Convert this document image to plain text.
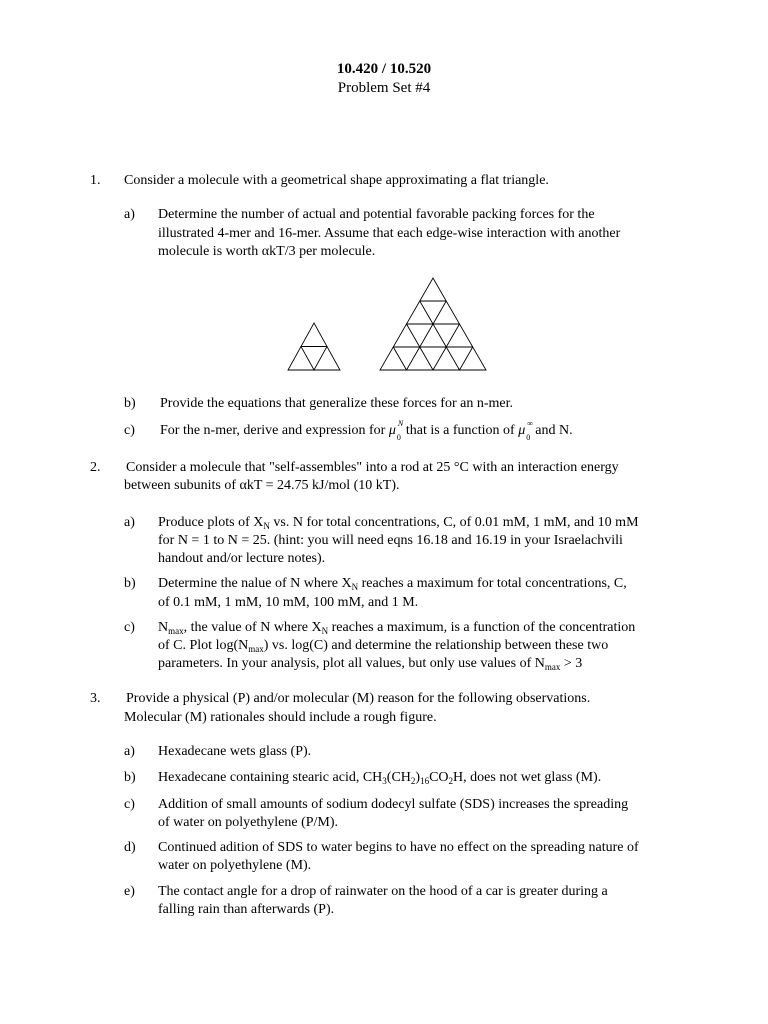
10.420 / 10.520
Problem Set #4
1. Consider a molecule with a geometrical shape approximating a flat triangle.
a) Determine the number of actual and potential favorable packing forces for the
illustrated 4-mer and 16-mer. Assume that each edge-wise interaction with another
molecule is worth αkT/3 per molecule.
b) Provide the equations that generalize these forces for an n-mer.
c) For the n-mer, derive and expression for μ N
0 that is a function of μ ∞
0 and N.
2. Consider a molecule that "self-assembles" into a rod at 25 °C with an interaction energy
between subunits of αkT = 24.75 kJ/mol (10 kT).
a) Produce plots of $X_N$ vs. N for total concentrations, C, of 0.01 mM, 1 mM, and 10 mM
for N = 1 to N = 25. (hint: you will need eqns 16.18 and 16.19 in your Israelachvili
handout and/or lecture notes).
b) Determine the nalue of N where $X_N$ reaches a maximum for total concentrations, C,
of 0.1 mM, 1 mM, 10 mM, 100 mM, and 1 M.
c) $N_{max}$, the value of N where $X_N$ reaches a maximum, is a function of the concentration
of C. Plot $\log(N_{max})$ vs. log(C) and determine the relationship between these two
parameters. In your analysis, plot all values, but only use values of $N_{max} > 3$
3. Provide a physical (P) and/or molecular (M) reason for the following observations.
Molecular (M) rationales should include a rough figure.
a) Hexadecane wets glass (P).
b) Hexadecane containing stearic acid, $CH_3(CH_2)_{16}CO_2H$, does not wet glass (M).
c) Addition of small amounts of sodium dodecyl sulfate (SDS) increases the spreading
of water on polyethylene (P/M).
d) Continued adition of SDS to water begins to have no effect on the spreading nature of
water on polyethylene (M).
e) The contact angle for a drop of rainwater on the hood of a car is greater during a
falling rain than afterwards (P).
